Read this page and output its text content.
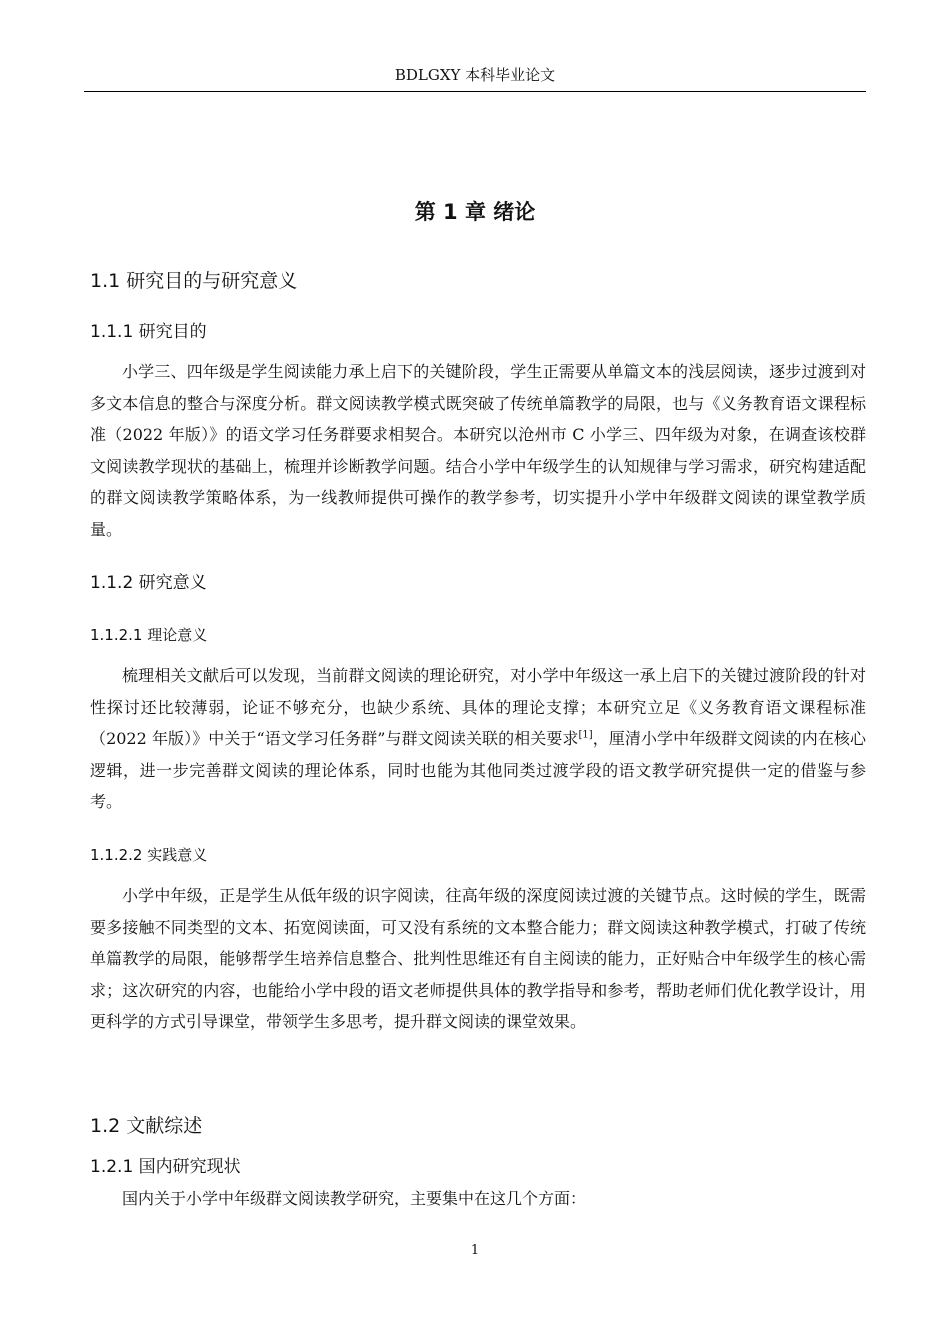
BDLGXY 本科毕业论文
第 1 章 绪论
1.1 研究目的与研究意义
1.1.1 研究目的

小学三、四年级是学生阅读能力承上启下的关键阶段，学生正需要从单篇文本的浅层阅读，逐步过渡到对多文本信息的整合与深度分析。群文阅读教学模式既突破了传统单篇教学的局限，也与《义务教育语文课程标准（2022 年版）》的语文学习任务群要求相契合。本研究以沧州市 C 小学三、四年级为对象，在调查该校群文阅读教学现状的基础上，梳理并诊断教学问题。结合小学中年级学生的认知规律与学习需求，研究构建适配的群文阅读教学策略体系，为一线教师提供可操作的教学参考，切实提升小学中年级群文阅读的课堂教学质量。

1.1.2 研究意义
1.1.2.1 理论意义

梳理相关文献后可以发现，当前群文阅读的理论研究，对小学中年级这一承上启下的关键过渡阶段的针对性探讨还比较薄弱，论证不够充分，也缺少系统、具体的理论支撑；本研究立足《义务教育语文课程标准（2022 年版）》中关于“语文学习任务群”与群文阅读关联的相关要求[1]，厘清小学中年级群文阅读的内在核心逻辑，进一步完善群文阅读的理论体系，同时也能为其他同类过渡学段的语文教学研究提供一定的借鉴与参考。

1.1.2.2 实践意义

小学中年级，正是学生从低年级的识字阅读，往高年级的深度阅读过渡的关键节点。这时候的学生，既需要多接触不同类型的文本、拓宽阅读面，可又没有系统的文本整合能力；群文阅读这种教学模式，打破了传统单篇教学的局限，能够帮学生培养信息整合、批判性思维还有自主阅读的能力，正好贴合中年级学生的核心需求；这次研究的内容，也能给小学中段的语文老师提供具体的教学指导和参考，帮助老师们优化教学设计，用更科学的方式引导课堂，带领学生多思考，提升群文阅读的课堂效果。

1.2 文献综述
1.2.1 国内研究现状

国内关于小学中年级群文阅读教学研究，主要集中在这几个方面：

1
